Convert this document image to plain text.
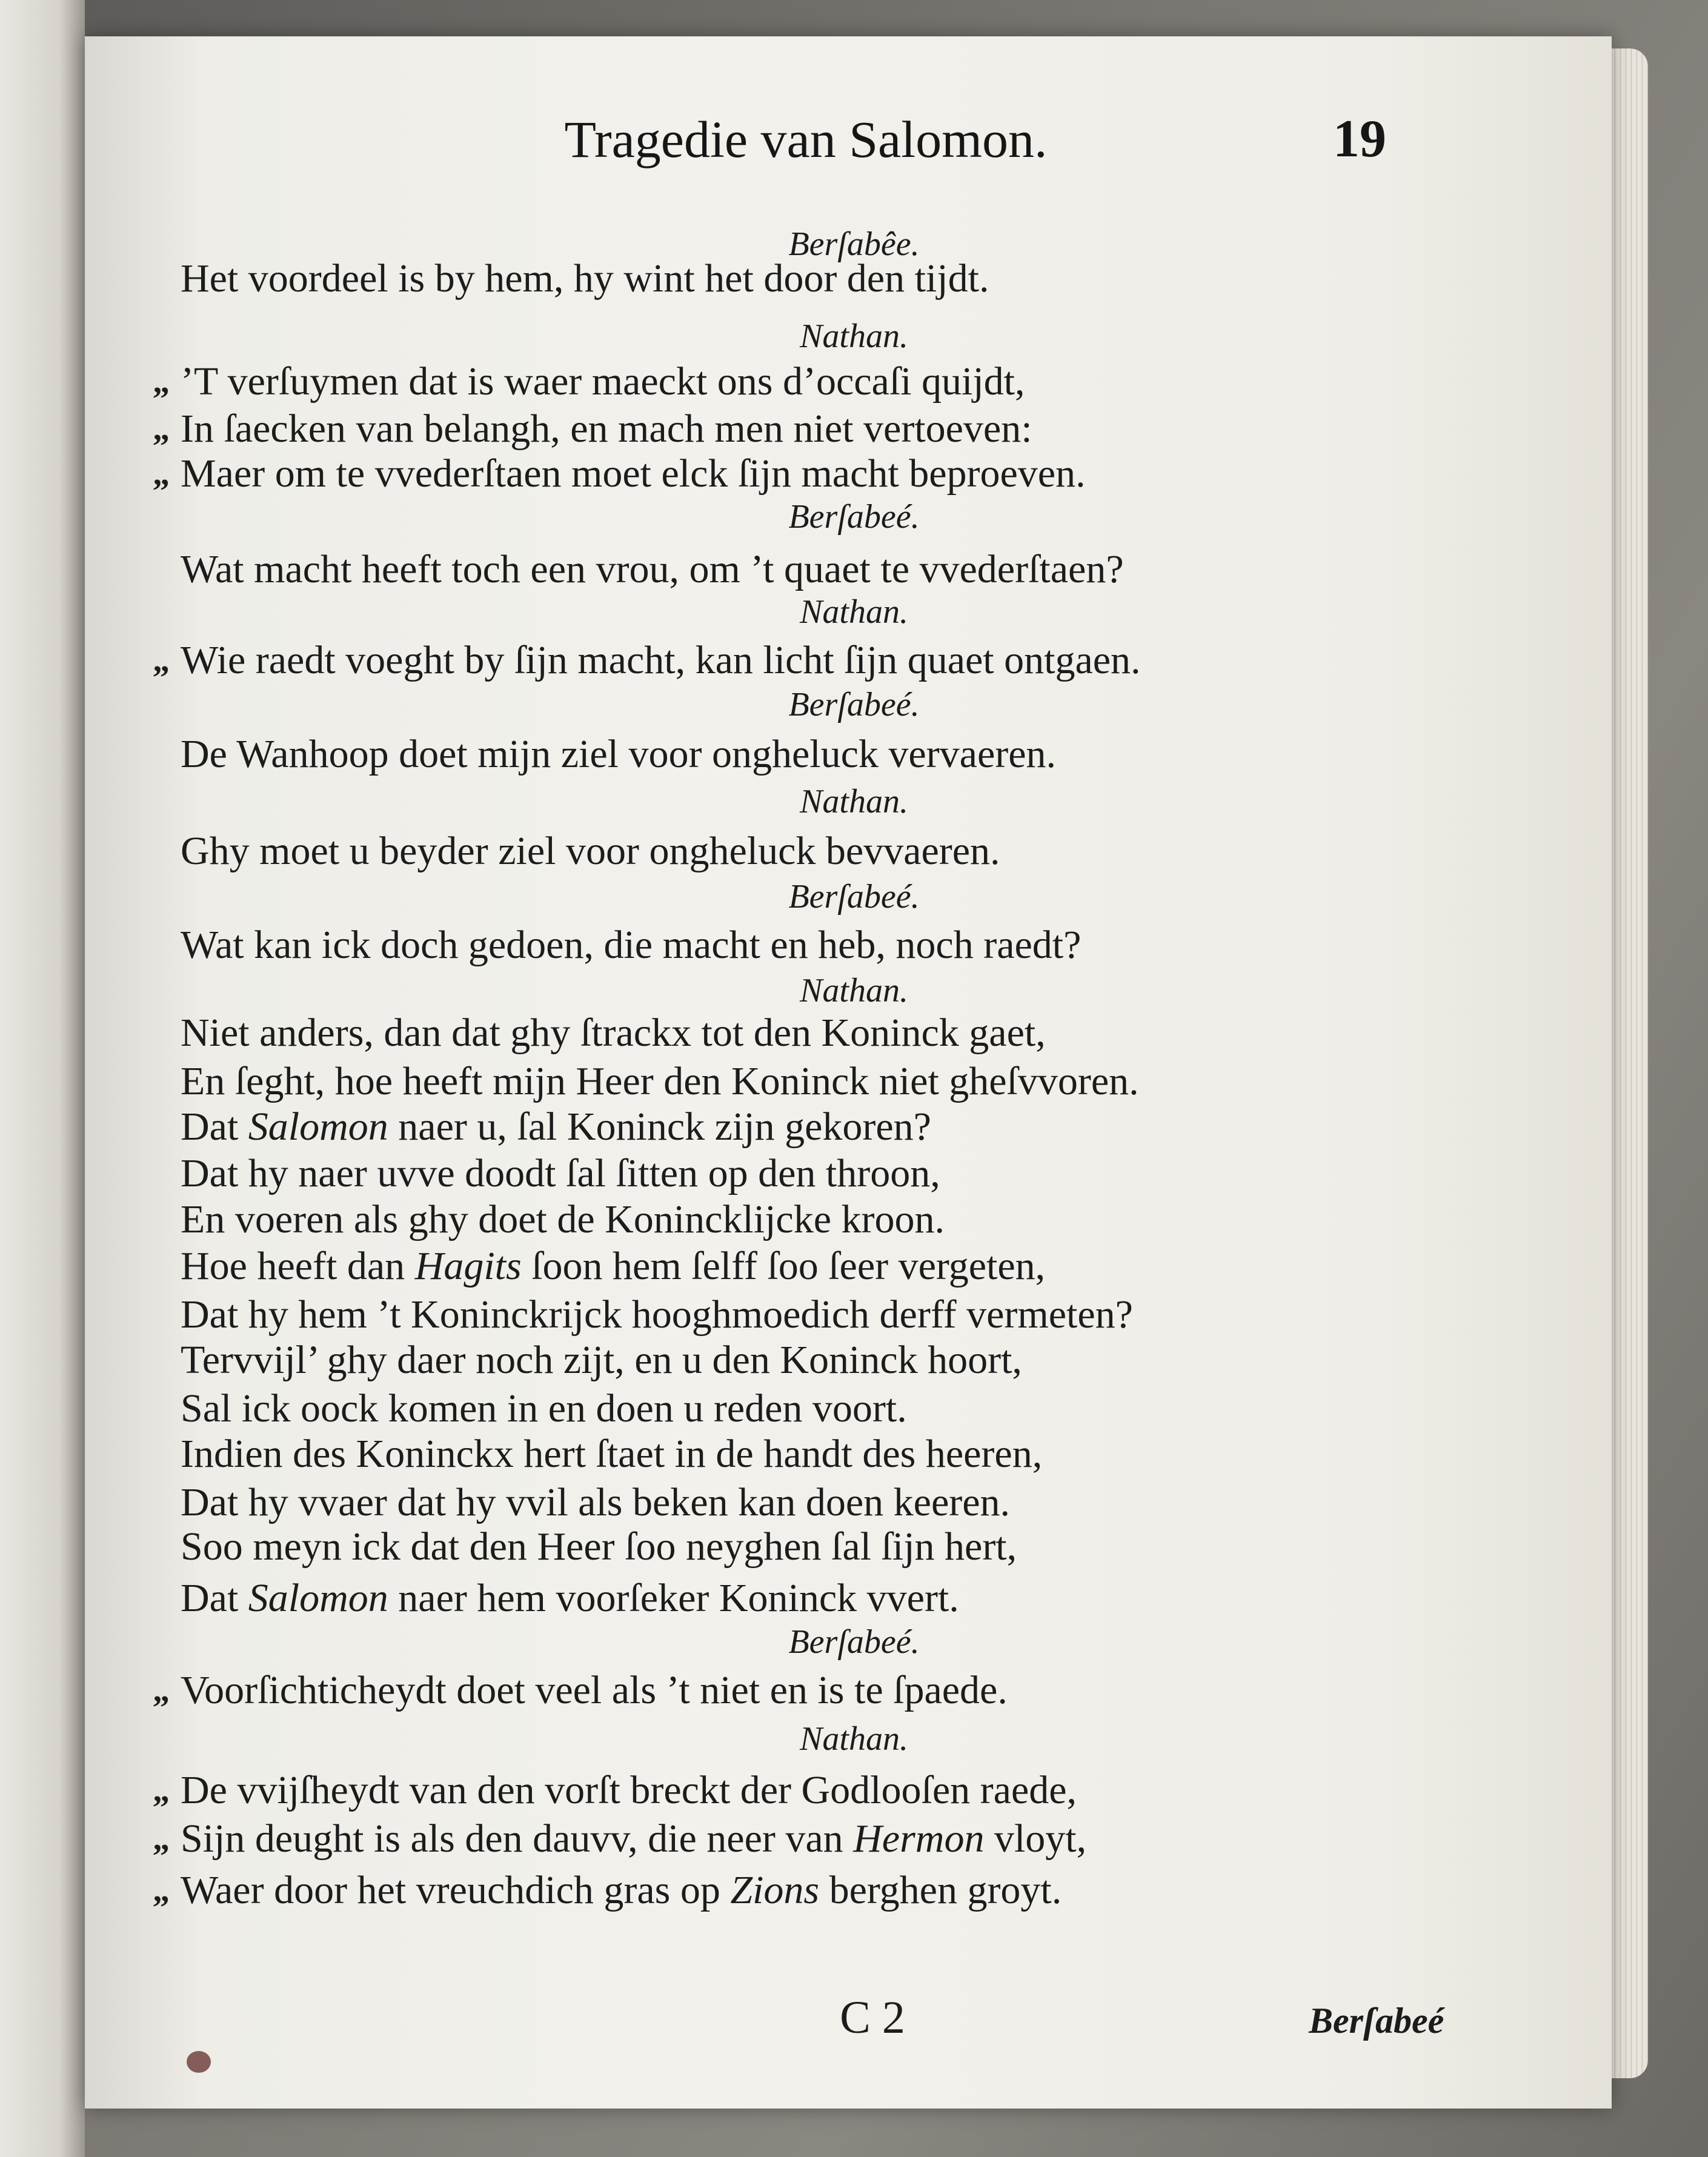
Tragedie van Salomon.	19
Berſabêe.
Het voordeel is by hem, hy wint het door den tijdt.
Nathan.
„ ’T verſuymen dat is waer maeckt ons d’occaſi quijdt,
„ In ſaecken van belangh, en mach men niet vertoeven:
„ Maer om te vvederſtaen moet elck ſijn macht beproeven.
Berſabeé.
Wat macht heeft toch een vrou, om ’t quaet te vvederſtaen?
Nathan.
„ Wie raedt voeght by ſijn macht, kan licht ſijn quaet ontgaen.
Berſabeé.
De Wanhoop doet mijn ziel voor ongheluck vervaeren.
Nathan.
Ghy moet u beyder ziel voor ongheluck bevvaeren.
Berſabeé.
Wat kan ick doch gedoen, die macht en heb, noch raedt?
Nathan.
Niet anders, dan dat ghy ſtrackx tot den Koninck gaet,
En ſeght, hoe heeft mijn Heer den Koninck niet gheſvvoren.
Dat Salomon naer u, ſal Koninck zijn gekoren?
Dat hy naer uvve doodt ſal ſitten op den throon,
En voeren als ghy doet de Koninckliјcke kroon.
Hoe heeft dan Hagits ſoon hem ſelff ſoo ſeer vergeten,
Dat hy hem ’t Koninckrijck hooghmoedich derff vermeten?
Tervvijl’ ghy daer noch zijt, en u den Koninck hoort,
Sal ick oock komen in en doen u reden voort.
Indien des Koninckx hert ſtaet in de handt des heeren,
Dat hy vvaer dat hy vvil als beken kan doen keeren.
Soo meyn ick dat den Heer ſoo neyghen ſal ſijn hert,
Dat Salomon naer hem voorſeker Koninck vvert.
Berſabeé.
„ Voorſichticheydt doet veel als ’t niet en is te ſpaede.
Nathan.
„ De vvijſheydt van den vorſt breckt der Godlooſen raede,
„ Sijn deught is als den dauvv, die neer van Hermon vloyt,
„ Waer door het vreuchdich gras op Zions berghen groyt.
C 2	Berſabeé
